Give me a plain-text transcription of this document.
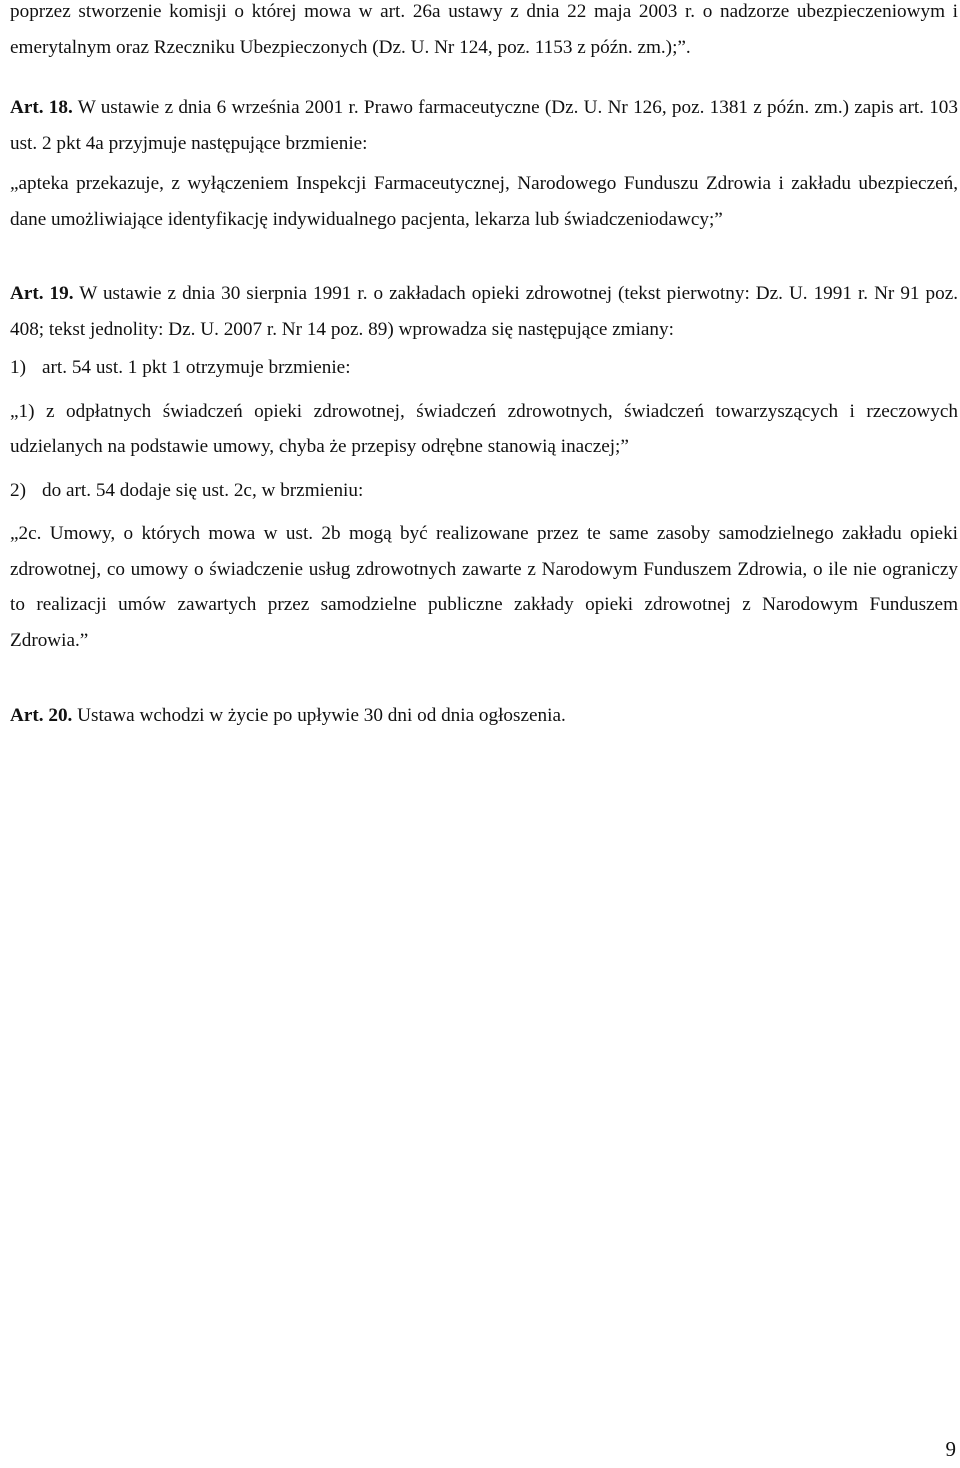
poprzez stworzenie komisji o której mowa w art. 26a ustawy z dnia 22 maja 2003 r. o nadzorze ubezpieczeniowym i emerytalnym oraz Rzeczniku Ubezpieczonych (Dz. U. Nr 124, poz. 1153 z późn. zm.);”.

Art. 18. W ustawie z dnia 6 września 2001 r. Prawo farmaceutyczne (Dz. U. Nr 126, poz. 1381 z późn. zm.) zapis art. 103 ust. 2 pkt 4a przyjmuje następujące brzmienie:

„apteka przekazuje, z wyłączeniem Inspekcji Farmaceutycznej, Narodowego Funduszu Zdrowia i zakładu ubezpieczeń, dane umożliwiające identyfikację indywidualnego pacjenta, lekarza lub świadczeniodawcy;”

Art. 19. W ustawie z dnia 30 sierpnia 1991 r. o zakładach opieki zdrowotnej (tekst pierwotny: Dz. U. 1991 r. Nr 91 poz. 408; tekst jednolity: Dz. U. 2007 r. Nr 14 poz. 89) wprowadza się następujące zmiany:

1) art. 54 ust. 1 pkt 1 otrzymuje brzmienie:

„1) z odpłatnych świadczeń opieki zdrowotnej, świadczeń zdrowotnych, świadczeń towarzyszących i rzeczowych udzielanych na podstawie umowy, chyba że przepisy odrębne stanowią inaczej;”

2) do art. 54 dodaje się ust. 2c, w brzmieniu:

„2c. Umowy, o których mowa w ust. 2b mogą być realizowane przez te same zasoby samodzielnego zakładu opieki zdrowotnej, co umowy o świadczenie usług zdrowotnych zawarte z Narodowym Funduszem Zdrowia, o ile nie ograniczy to realizacji umów zawartych przez samodzielne publiczne zakłady opieki zdrowotnej z Narodowym Funduszem Zdrowia.”

Art. 20. Ustawa wchodzi w życie po upływie 30 dni od dnia ogłoszenia.

9
